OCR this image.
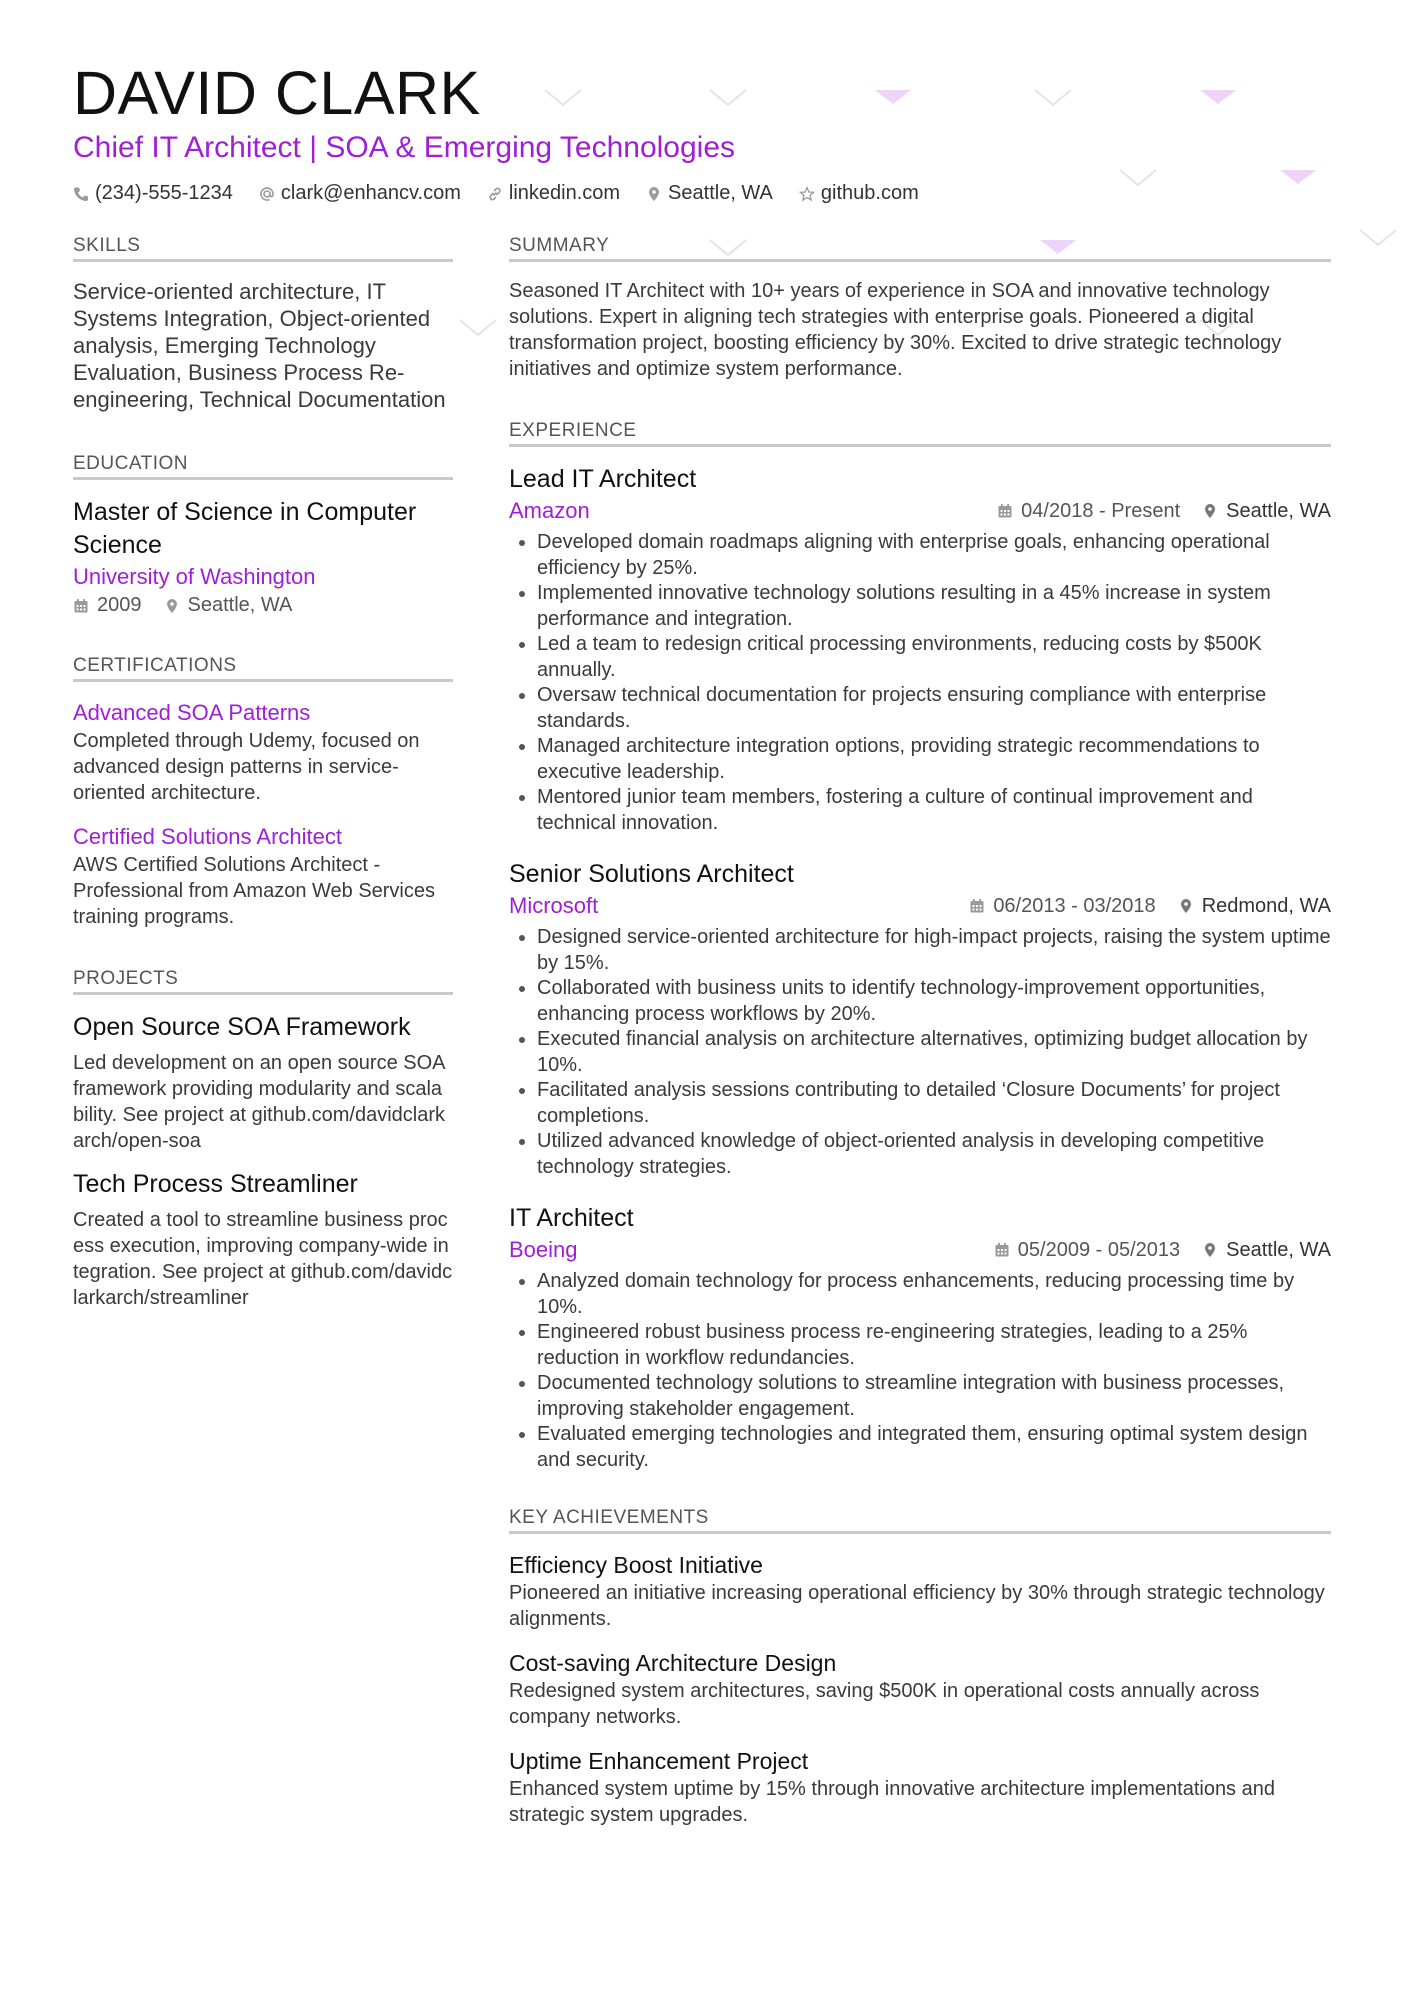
DAVID CLARK
Chief IT Architect | SOA & Emerging Technologies
(234)-555-1234 clark@enhancv.com linkedin.com Seattle, WA github.com
SKILLS
Service-oriented architecture, IT Systems Integration, Object-oriented analysis, Emerging Technology Evaluation, Business Process Re-engineering, Technical Documentation
EDUCATION
Master of Science in Computer Science
University of Washington
2009 Seattle, WA
CERTIFICATIONS
Advanced SOA Patterns
Completed through Udemy, focused on advanced design patterns in service-oriented architecture.
Certified Solutions Architect
AWS Certified Solutions Architect - Professional from Amazon Web Services training programs.
PROJECTS
Open Source SOA Framework
Led development on an open source SOA framework providing modularity and scalability. See project at github.com/davidclarkarch/open-soa
Tech Process Streamliner
Created a tool to streamline business process execution, improving company-wide integration. See project at github.com/davidclarkarch/streamliner
SUMMARY
Seasoned IT Architect with 10+ years of experience in SOA and innovative technology solutions. Expert in aligning tech strategies with enterprise goals. Pioneered a digital transformation project, boosting efficiency by 30%. Excited to drive strategic technology initiatives and optimize system performance.
EXPERIENCE
Lead IT Architect
Amazon	04/2018 - Present Seattle, WA
• Developed domain roadmaps aligning with enterprise goals, enhancing operational efficiency by 25%.
• Implemented innovative technology solutions resulting in a 45% increase in system performance and integration.
• Led a team to redesign critical processing environments, reducing costs by $500K annually.
• Oversaw technical documentation for projects ensuring compliance with enterprise standards.
• Managed architecture integration options, providing strategic recommendations to executive leadership.
• Mentored junior team members, fostering a culture of continual improvement and technical innovation.
Senior Solutions Architect
Microsoft	06/2013 - 03/2018 Redmond, WA
• Designed service-oriented architecture for high-impact projects, raising the system uptime by 15%.
• Collaborated with business units to identify technology-improvement opportunities, enhancing process workflows by 20%.
• Executed financial analysis on architecture alternatives, optimizing budget allocation by 10%.
• Facilitated analysis sessions contributing to detailed ‘Closure Documents’ for project completions.
• Utilized advanced knowledge of object-oriented analysis in developing competitive technology strategies.
IT Architect
Boeing	05/2009 - 05/2013 Seattle, WA
• Analyzed domain technology for process enhancements, reducing processing time by 10%.
• Engineered robust business process re-engineering strategies, leading to a 25% reduction in workflow redundancies.
• Documented technology solutions to streamline integration with business processes, improving stakeholder engagement.
• Evaluated emerging technologies and integrated them, ensuring optimal system design and security.
KEY ACHIEVEMENTS
Efficiency Boost Initiative
Pioneered an initiative increasing operational efficiency by 30% through strategic technology alignments.
Cost-saving Architecture Design
Redesigned system architectures, saving $500K in operational costs annually across company networks.
Uptime Enhancement Project
Enhanced system uptime by 15% through innovative architecture implementations and strategic system upgrades.
